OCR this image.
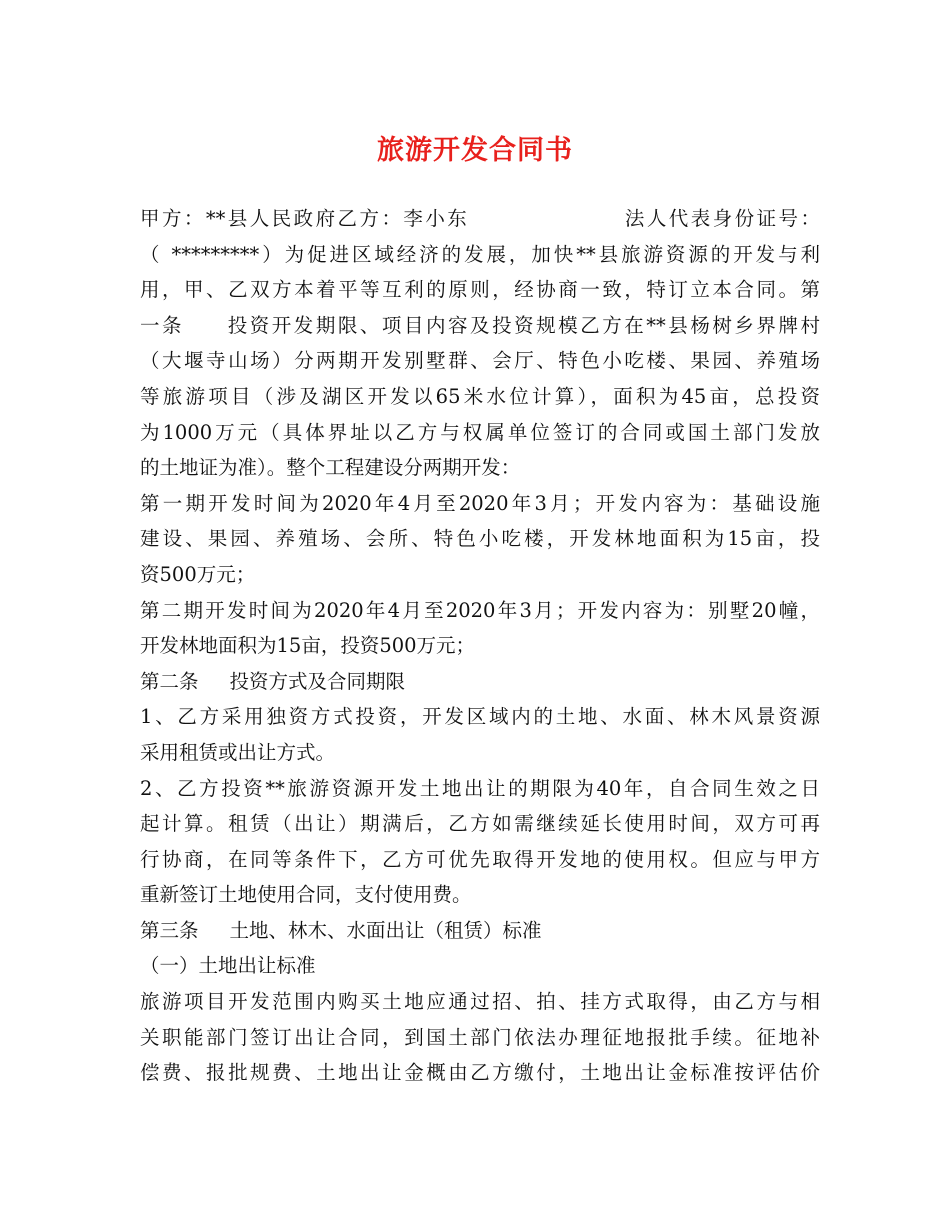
旅游开发合同书
甲方：**县人民政府乙方：李小东                  法人代表身份证号：
（ *********）为促进区域经济的发展，加快**县旅游资源的开发与利
用，甲、乙双方本着平等互利的原则，经协商一致，特订立本合同。第
一条     投资开发期限、项目内容及投资规模乙方在**县杨树乡界牌村
（大堰寺山场）分两期开发别墅群、会厅、特色小吃楼、果园、养殖场
等旅游项目（涉及湖区开发以65米水位计算），面积为45亩，总投资
为1000万元（具体界址以乙方与权属单位签订的合同或国土部门发放
的土地证为准）。整个工程建设分两期开发：
第一期开发时间为2020年4月至2020年3月；开发内容为：基础设施
建设、果园、养殖场、会所、特色小吃楼，开发林地面积为15亩，投
资500万元；
第二期开发时间为2020年4月至2020年3月；开发内容为：别墅20幢，
开发林地面积为15亩，投资500万元；
第二条     投资方式及合同期限
1、乙方采用独资方式投资，开发区域内的土地、水面、林木风景资源
采用租赁或出让方式。
2、乙方投资**旅游资源开发土地出让的期限为40年，自合同生效之日
起计算。租赁（出让）期满后，乙方如需继续延长使用时间，双方可再
行协商，在同等条件下，乙方可优先取得开发地的使用权。但应与甲方
重新签订土地使用合同，支付使用费。
第三条     土地、林木、水面出让（租赁）标准
（一）土地出让标准
旅游项目开发范围内购买土地应通过招、拍、挂方式取得，由乙方与相
关职能部门签订出让合同，到国土部门依法办理征地报批手续。征地补
偿费、报批规费、土地出让金概由乙方缴付，土地出让金标准按评估价
